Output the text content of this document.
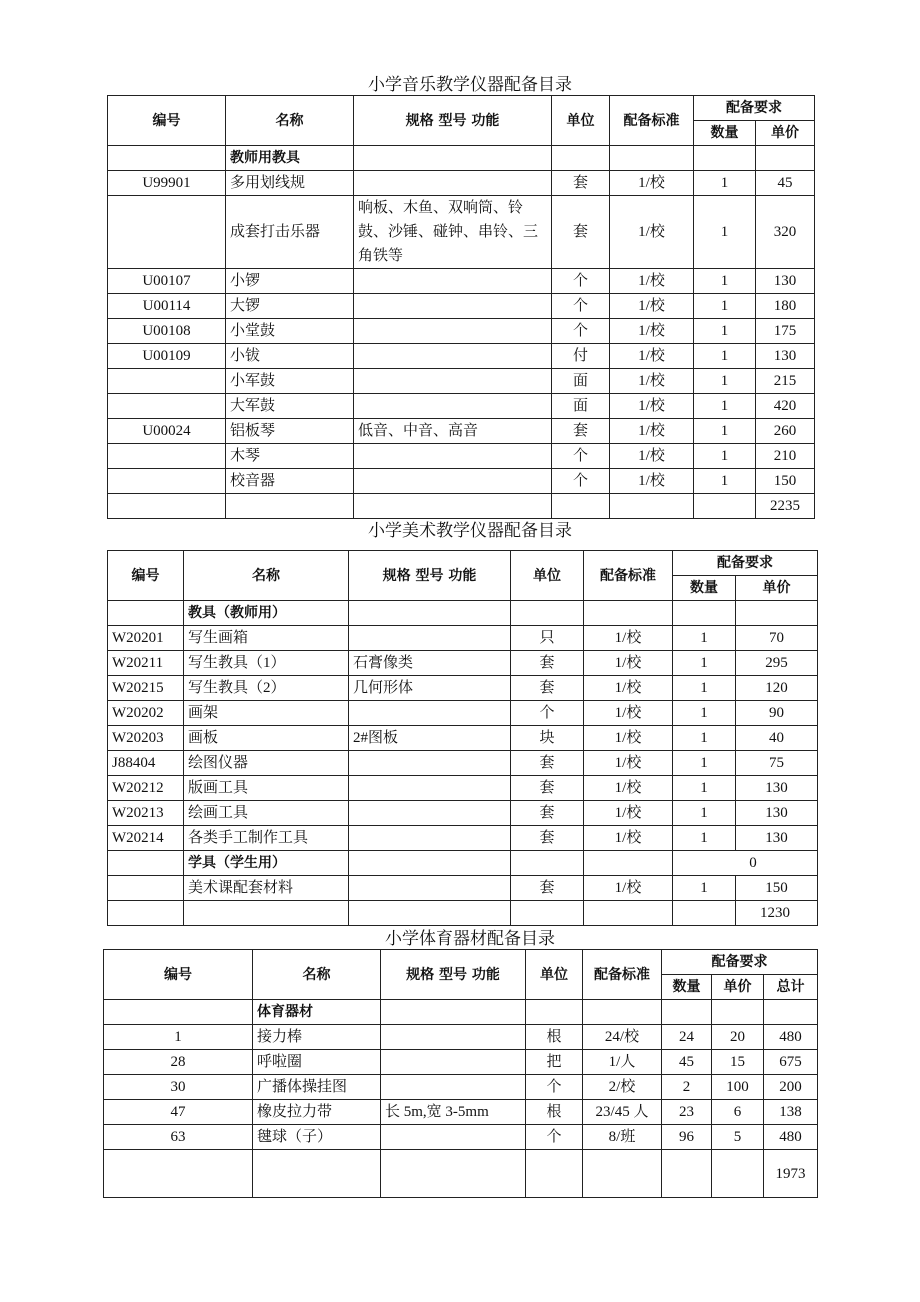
小学音乐教学仪器配备目录
编号	名称	规格 型号 功能	单位	配备标准	配备要求	
					数量	单价
	教师用教具					
U99901	多用划线规		套	1/校	1	45
	成套打击乐器	响板、木鱼、双响筒、铃鼓、沙锤、碰钟、串铃、三角铁等	套	1/校	1	320
U00107	小锣		个	1/校	1	130
U00114	大锣		个	1/校	1	180
U00108	小堂鼓		个	1/校	1	175
U00109	小钹		付	1/校	1	130
	小军鼓		面	1/校	1	215
	大军鼓		面	1/校	1	420
U00024	铝板琴	低音、中音、高音	套	1/校	1	260
	木琴		个	1/校	1	210
	校音器		个	1/校	1	150
						2235
小学美术教学仪器配备目录
编号	名称	规格 型号 功能	单位	配备标准	配备要求	
					数量	单价
	教具（教师用）					
W20201	写生画箱		只	1/校	1	70
W20211	写生教具（1）	石膏像类	套	1/校	1	295
W20215	写生教具（2）	几何形体	套	1/校	1	120
W20202	画架		个	1/校	1	90
W20203	画板	2#图板	块	1/校	1	40
J88404	绘图仪器		套	1/校	1	75
W20212	版画工具		套	1/校	1	130
W20213	绘画工具		套	1/校	1	130
W20214	各类手工制作工具		套	1/校	1	130
	学具（学生用）				0	
	美术课配套材料		套	1/校	1	150
						1230
小学体育器材配备目录
编号	名称	规格 型号 功能	单位	配备标准	配备要求		
					数量	单价	总计
	体育器材						
1	接力棒		根	24/校	24	20	480
28	呼啦圈		把	1/人	45	15	675
30	广播体操挂图		个	2/校	2	100	200
47	橡皮拉力带	长 5m,宽 3-5mm	根	23/45 人	23	6	138
63	毽球（子）		个	8/班	96	5	480
							1973
